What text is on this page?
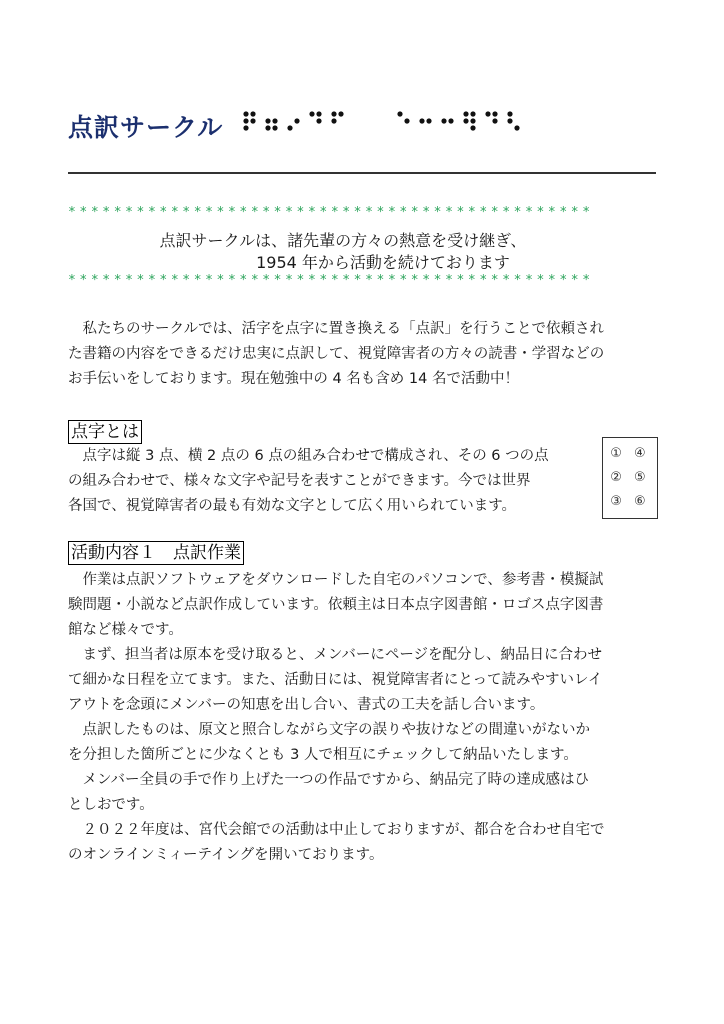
点訳サークル
**********************************************
点訳サークルは、諸先輩の方々の熱意を受け継ぎ、
1954 年から活動を続けております
**********************************************

　私たちのサークルでは、活字を点字に置き換える「点訳」を行うことで依頼され

た書籍の内容をできるだけ忠実に点訳して、視覚障害者の方々の読書・学習などの

お手伝いをしております。現在勉強中の 4 名も含め 14 名で活動中！

点字とは

　点字は縦 3 点、横 2 点の 6 点の組み合わせで構成され、その 6 つの点

の組み合わせで、様々な文字や記号を表すことができます。今では世界

各国で、視覚障害者の最も有効な文字として広く用いられています。

① ④
② ⑤
③ ⑥
活動内容１　点訳作業

　作業は点訳ソフトウェアをダウンロードした自宅のパソコンで、参考書・模擬試

験問題・小説など点訳作成しています。依頼主は日本点字図書館・ロゴス点字図書

館など様々です。

　まず、担当者は原本を受け取ると、メンバーにページを配分し、納品日に合わせ

て細かな日程を立てます。また、活動日には、視覚障害者にとって読みやすいレイ

アウトを念頭にメンバーの知恵を出し合い、書式の工夫を話し合います。

　点訳したものは、原文と照合しながら文字の誤りや抜けなどの間違いがないか

を分担した箇所ごとに少なくとも 3 人で相互にチェックして納品いたします。

　メンバー全員の手で作り上げた一つの作品ですから、納品完了時の達成感はひ

としおです。

　２０２２年度は、宮代会館での活動は中止しておりますが、都合を合わせ自宅で

のオンラインミィーテイングを開いております。
